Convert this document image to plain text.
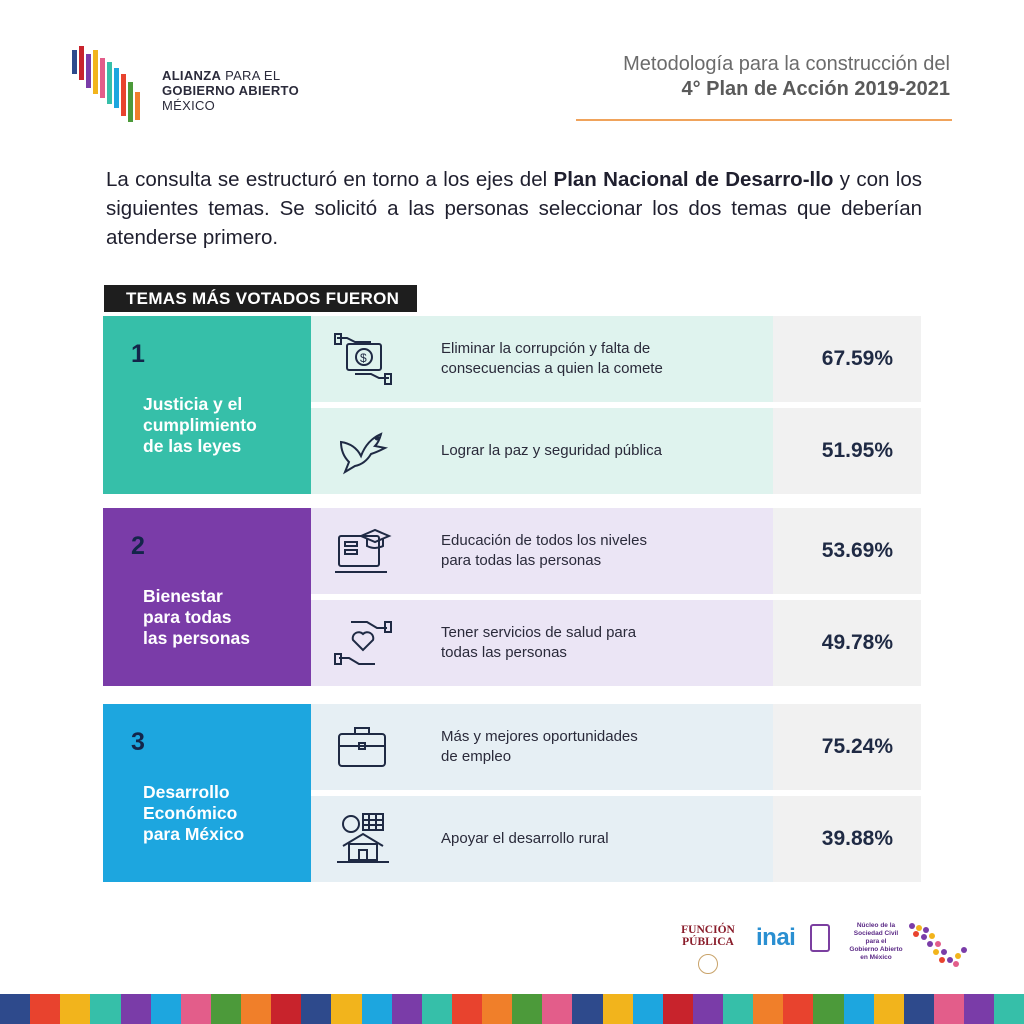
ALIANZA PARA EL
GOBIERNO ABIERTO
MÉXICO
Metodología para la construcción del
4° Plan de Acción 2019-2021

La consulta se estructuró en torno a los ejes del Plan Nacional de Desarro-llo y con los siguientes temas. Se solicitó a las personas seleccionar los dos temas que deberían atenderse primero.

TEMAS MÁS VOTADOS FUERON
1
Justicia y el
cumplimiento
de las leyes
$
Eliminar la corrupción y falta de
consecuencias a quien la comete	67.59%
Lograr la paz y seguridad pública	51.95%
2
Bienestar
para todas
las personas
Educación de todos los niveles
para todas las personas	53.69%
Tener servicios de salud para
todas las personas	49.78%
3
Desarrollo
Económico
para México
Más y mejores oportunidades
de empleo	75.24%
Apoyar el desarrollo rural	39.88%
FUNCIÓN
PÚBLICA inai	Núcleo de la
Sociedad Civil
para el
Gobierno Abierto
en México
